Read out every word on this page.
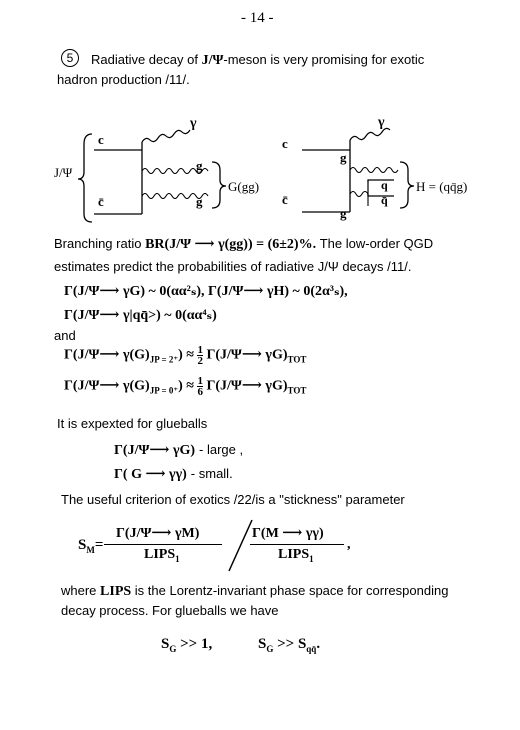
- 14 -
5	Radiative decay of J/Ψ-meson is very promising for exotic
hadron production /11/.
c
c̄
J/Ψ
γ
g
g
G(gg)
c
c̄
γ
g
g
q
q̄
H = (qq̄g)
Branching ratio BR(J/Ψ ⟶ γ(gg)) = (6±2)%. The low-order QGD
estimates predict the probabilities of radiative J/Ψ decays /11/.
Γ(J/Ψ⟶ γG) ~ 0(αα²ₛ), Γ(J/Ψ⟶ γH) ~ 0(2α³ₛ),
Γ(J/Ψ⟶ γ|qq̄>) ~ 0(αα⁴ₛ)
and
Γ(J/Ψ⟶ $\gamma(G)_{JP = 2^+}) \approx \frac{1}{2}$ Γ(J/Ψ⟶ $\gamma G)_{TOT}$
Γ(J/Ψ⟶ $\gamma(G)_{JP = 0^+}) \approx \frac{1}{6}$ Γ(J/Ψ⟶ $\gamma G)_{TOT}$
It is expexted for glueballs
Γ(J/Ψ⟶ γG) - large ,
Γ( G ⟶ γγ) - small.
The useful criterion of exotics /22/is a "stickness" parameter
$S_M=$
Γ(J/Ψ⟶ γM)
$LIPS_1$
Γ(M ⟶ γγ)
$LIPS_1$
,
where LIPS is the Lorentz-invariant phase space for corresponding
decay process. For glueballs we have
$S_G >> 1$,	$S_G >> S_{qq̄}$.
